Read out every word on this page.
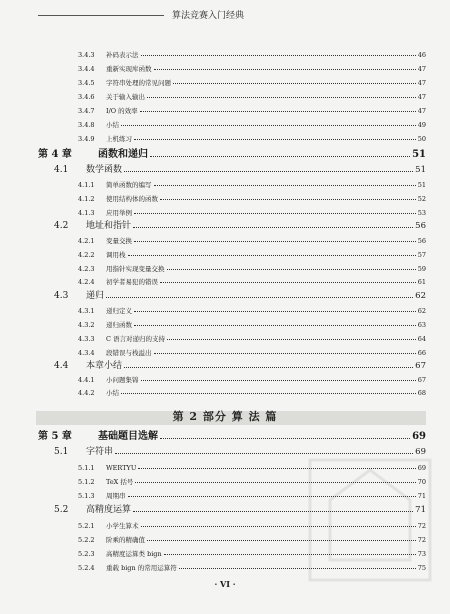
算法竞赛入门经典
第 2 部分 算 法 篇
3.4.3	补码表示法	46
3.4.4	重新实现库函数	47
3.4.5	字符串处理的常见问题	47
3.4.6	关于输入输出	47
3.4.7	I/O 的效率	47
3.4.8	小结	49
3.4.9	上机练习	50
第 4 章	函数和递归	51
4.1	数学函数	51
4.1.1	简单函数的编写	51
4.1.2	使用结构体的函数	52
4.1.3	应用举例	53
4.2	地址和指针	56
4.2.1	变量交换	56
4.2.2	调用栈	57
4.2.3	用指针实现变量交换	59
4.2.4	初学者易犯的错误	61
4.3	递归	62
4.3.1	递归定义	62
4.3.2	递归函数	63
4.3.3	C 语言对递归的支持	64
4.3.4	段错误与栈溢出	66
4.4	本章小结	67
4.4.1	小问题集锦	67
4.4.2	小结	68
第 5 章	基础题目选解	69
5.1	字符串	69
5.1.1	WERTYU	69
5.1.2	TeX 括号	70
5.1.3	周期串	71
5.2	高精度运算	71
5.2.1	小学生算术	72
5.2.2	阶乘的精确值	72
5.2.3	高精度运算类 bign	73
5.2.4	重载 bign 的常用运算符	75
· VI ·
